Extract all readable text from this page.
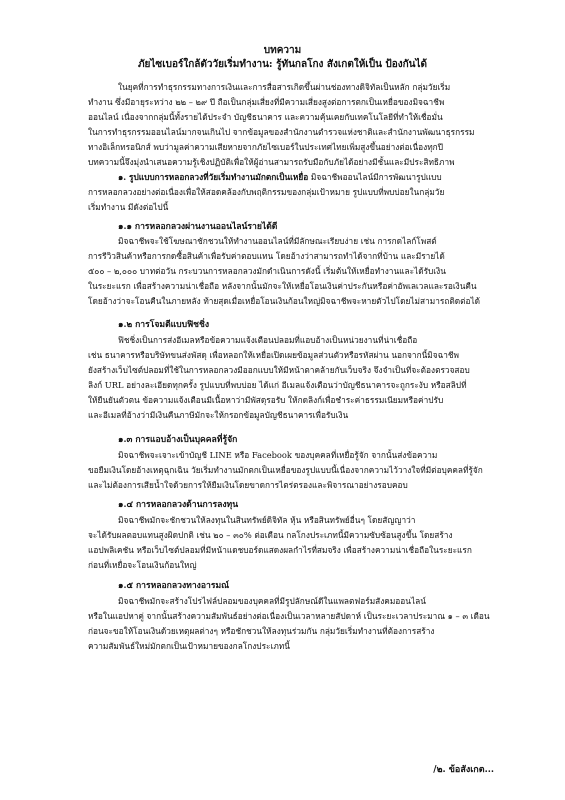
บทความ
ภัยไซเบอร์ใกล้ตัววัยเริ่มทำงาน: รู้ทันกลโกง สังเกตให้เป็น ป้องกันได้
ในยุคที่การทำธุรกรรมทางการเงินและการสื่อสารเกิดขึ้นผ่านช่องทางดิจิทัลเป็นหลัก กลุ่มวัยเริ่ม
ทำงาน ซึ่งมีอายุระหว่าง ๒๒ – ๒๙ ปี ถือเป็นกลุ่มเสี่ยงที่มีความเสี่ยงสูงต่อการตกเป็นเหยื่อของมิจฉาชีพ
ออนไลน์ เนื่องจากกลุ่มนี้ทั้งรายได้ประจำ บัญชีธนาคาร และความคุ้นเคยกับเทคโนโลยีที่ทำให้เชื่อมั่น
ในการทำธุรกรรมออนไลน์มากจนเกินไป จากข้อมูลของสำนักงานตำรวจแห่งชาติและสำนักงานพัฒนาธุรกรรม
ทางอิเล็กทรอนิกส์ พบว่ามูลค่าความเสียหายจากภัยไซเบอร์ในประเทศไทยเพิ่มสูงขึ้นอย่างต่อเนื่องทุกปี
บทความนี้จึงมุ่งนำเสนอความรู้เชิงปฏิบัติเพื่อให้ผู้อ่านสามารถรับมือกับภัยได้อย่างมีชั้นและมีประสิทธิภาพ
๑. รูปแบบการหลอกลวงที่วัยเริ่มทำงานมักตกเป็นเหยื่อ มิจฉาชีพออนไลน์มีการพัฒนารูปแบบ
การหลอกลวงอย่างต่อเนื่องเพื่อให้สอดคล้องกับพฤติกรรมของกลุ่มเป้าหมาย รูปแบบที่พบบ่อยในกลุ่มวัย
เริ่มทำงาน มีดังต่อไปนี้
๑.๑ การหลอกลวงผ่านงานออนไลน์รายได้ดี
มิจฉาชีพจะใช้โฆษณาชักชวนให้ทำงานออนไลน์ที่มีลักษณะเรียบง่าย เช่น การกดไลก์โพสต์
การรีวิวสินค้าหรือการกดซื้อสินค้าเพื่อรับค่าตอบแทน โดยอ้างว่าสามารถทำได้จากที่บ้าน และมีรายได้
๕๐๐ – ๒,๐๐๐ บาทต่อวัน กระบวนการหลอกลวงมักดำเนินการดังนี้ เริ่มต้นให้เหยื่อทำงานและได้รับเงิน
ในระยะแรก เพื่อสร้างความน่าเชื่อถือ หลังจากนั้นมักจะให้เหยื่อโอนเงินค่าประกันหรือค่าอัพเลเวลและรอเงินคืน
โดยอ้างว่าจะโอนคืนในภายหลัง ท้ายสุดเมื่อเหยื่อโอนเงินก้อนใหญ่มิจฉาชีพจะหายตัวไปโดยไม่สามารถติดต่อได้
๑.๒ การโจมตีแบบฟิชชิ่ง
ฟิชชิ่งเป็นการส่งอีเมลหรือข้อความแจ้งเตือนปลอมที่แอบอ้างเป็นหน่วยงานที่น่าเชื่อถือ
เช่น ธนาคารหรือบริษัทขนส่งพัสดุ เพื่อหลอกให้เหยื่อเปิดเผยข้อมูลส่วนตัวหรือรหัสผ่าน นอกจากนี้มิจฉาชีพ
ยังสร้างเว็บไซต์ปลอมที่ใช้ในการหลอกลวงมีออกแบบให้มีหน้าตาคล้ายกับเว็บจริง จึงจำเป็นที่จะต้องตรวจสอบ
ลิงก์ URL อย่างละเอียดทุกครั้ง รูปแบบที่พบบ่อย ได้แก่ อีเมลแจ้งเตือนว่าบัญชีธนาคารจะถูกระงับ หรือสลิปที่
ให้ยืนยันตัวตน ข้อความแจ้งเตือนมีเนื้อหาว่ามีพัสดุรอรับ ให้กดลิงก์เพื่อชำระค่าธรรมเนียมหรือค่าปรับ
และอีเมลที่อ้างว่ามีเงินคืนภาษีมักจะให้กรอกข้อมูลบัญชีธนาคารเพื่อรับเงิน
๑.๓ การแอบอ้างเป็นบุคคลที่รู้จัก
มิจฉาชีพจะเจาะเข้าบัญชี LINE หรือ Facebook ของบุคคลที่เหยื่อรู้จัก จากนั้นส่งข้อความ
ขอยืมเงินโดยอ้างเหตุฉุกเฉิน วัยเริ่มทำงานมักตกเป็นเหยื่อของรูปแบบนี้เนื่องจากความไว้วางใจที่มีต่อบุคคลที่รู้จัก
และไม่ต้องการเสียน้ำใจด้วยการให้ยืมเงินโดยขาดการไตร่ตรองและพิจารณาอย่างรอบคอบ
๑.๔ การหลอกลวงด้านการลงทุน
มิจฉาชีพมักจะชักชวนให้ลงทุนในสินทรัพย์ดิจิทัล หุ้น หรือสินทรัพย์อื่นๆ โดยสัญญาว่า
จะได้รับผลตอบแทนสูงผิดปกติ เช่น ๒๐ – ๓๐% ต่อเดือน กลโกงประเภทนี้มีความซับซ้อนสูงขึ้น โดยสร้าง
แอปพลิเคชัน หรือเว็บไซต์ปลอมที่มีหน้าแดชบอร์ดแสดงผลกำไรที่สมจริง เพื่อสร้างความน่าเชื่อถือในระยะแรก
ก่อนที่เหยื่อจะโอนเงินก้อนใหญ่
๑.๕ การหลอกลวงทางอารมณ์
มิจฉาชีพมักจะสร้างโปรไฟล์ปลอมของบุคคลที่มีรูปลักษณ์ดีในแพลตฟอร์มสังคมออนไลน์
หรือในแอปหาคู่ จากนั้นสร้างความสัมพันธ์อย่างต่อเนื่องเป็นเวลาหลายสัปดาห์ เป็นระยะเวลาประมาณ ๑ – ๓ เดือน
ก่อนจะขอให้โอนเงินด้วยเหตุผลต่างๆ หรือชักชวนให้ลงทุนร่วมกัน กลุ่มวัยเริ่มทำงานที่ต้องการสร้าง
ความสัมพันธ์ใหม่มักตกเป็นเป้าหมายของกลโกงประเภทนี้
/๒. ข้อสังเกต...
